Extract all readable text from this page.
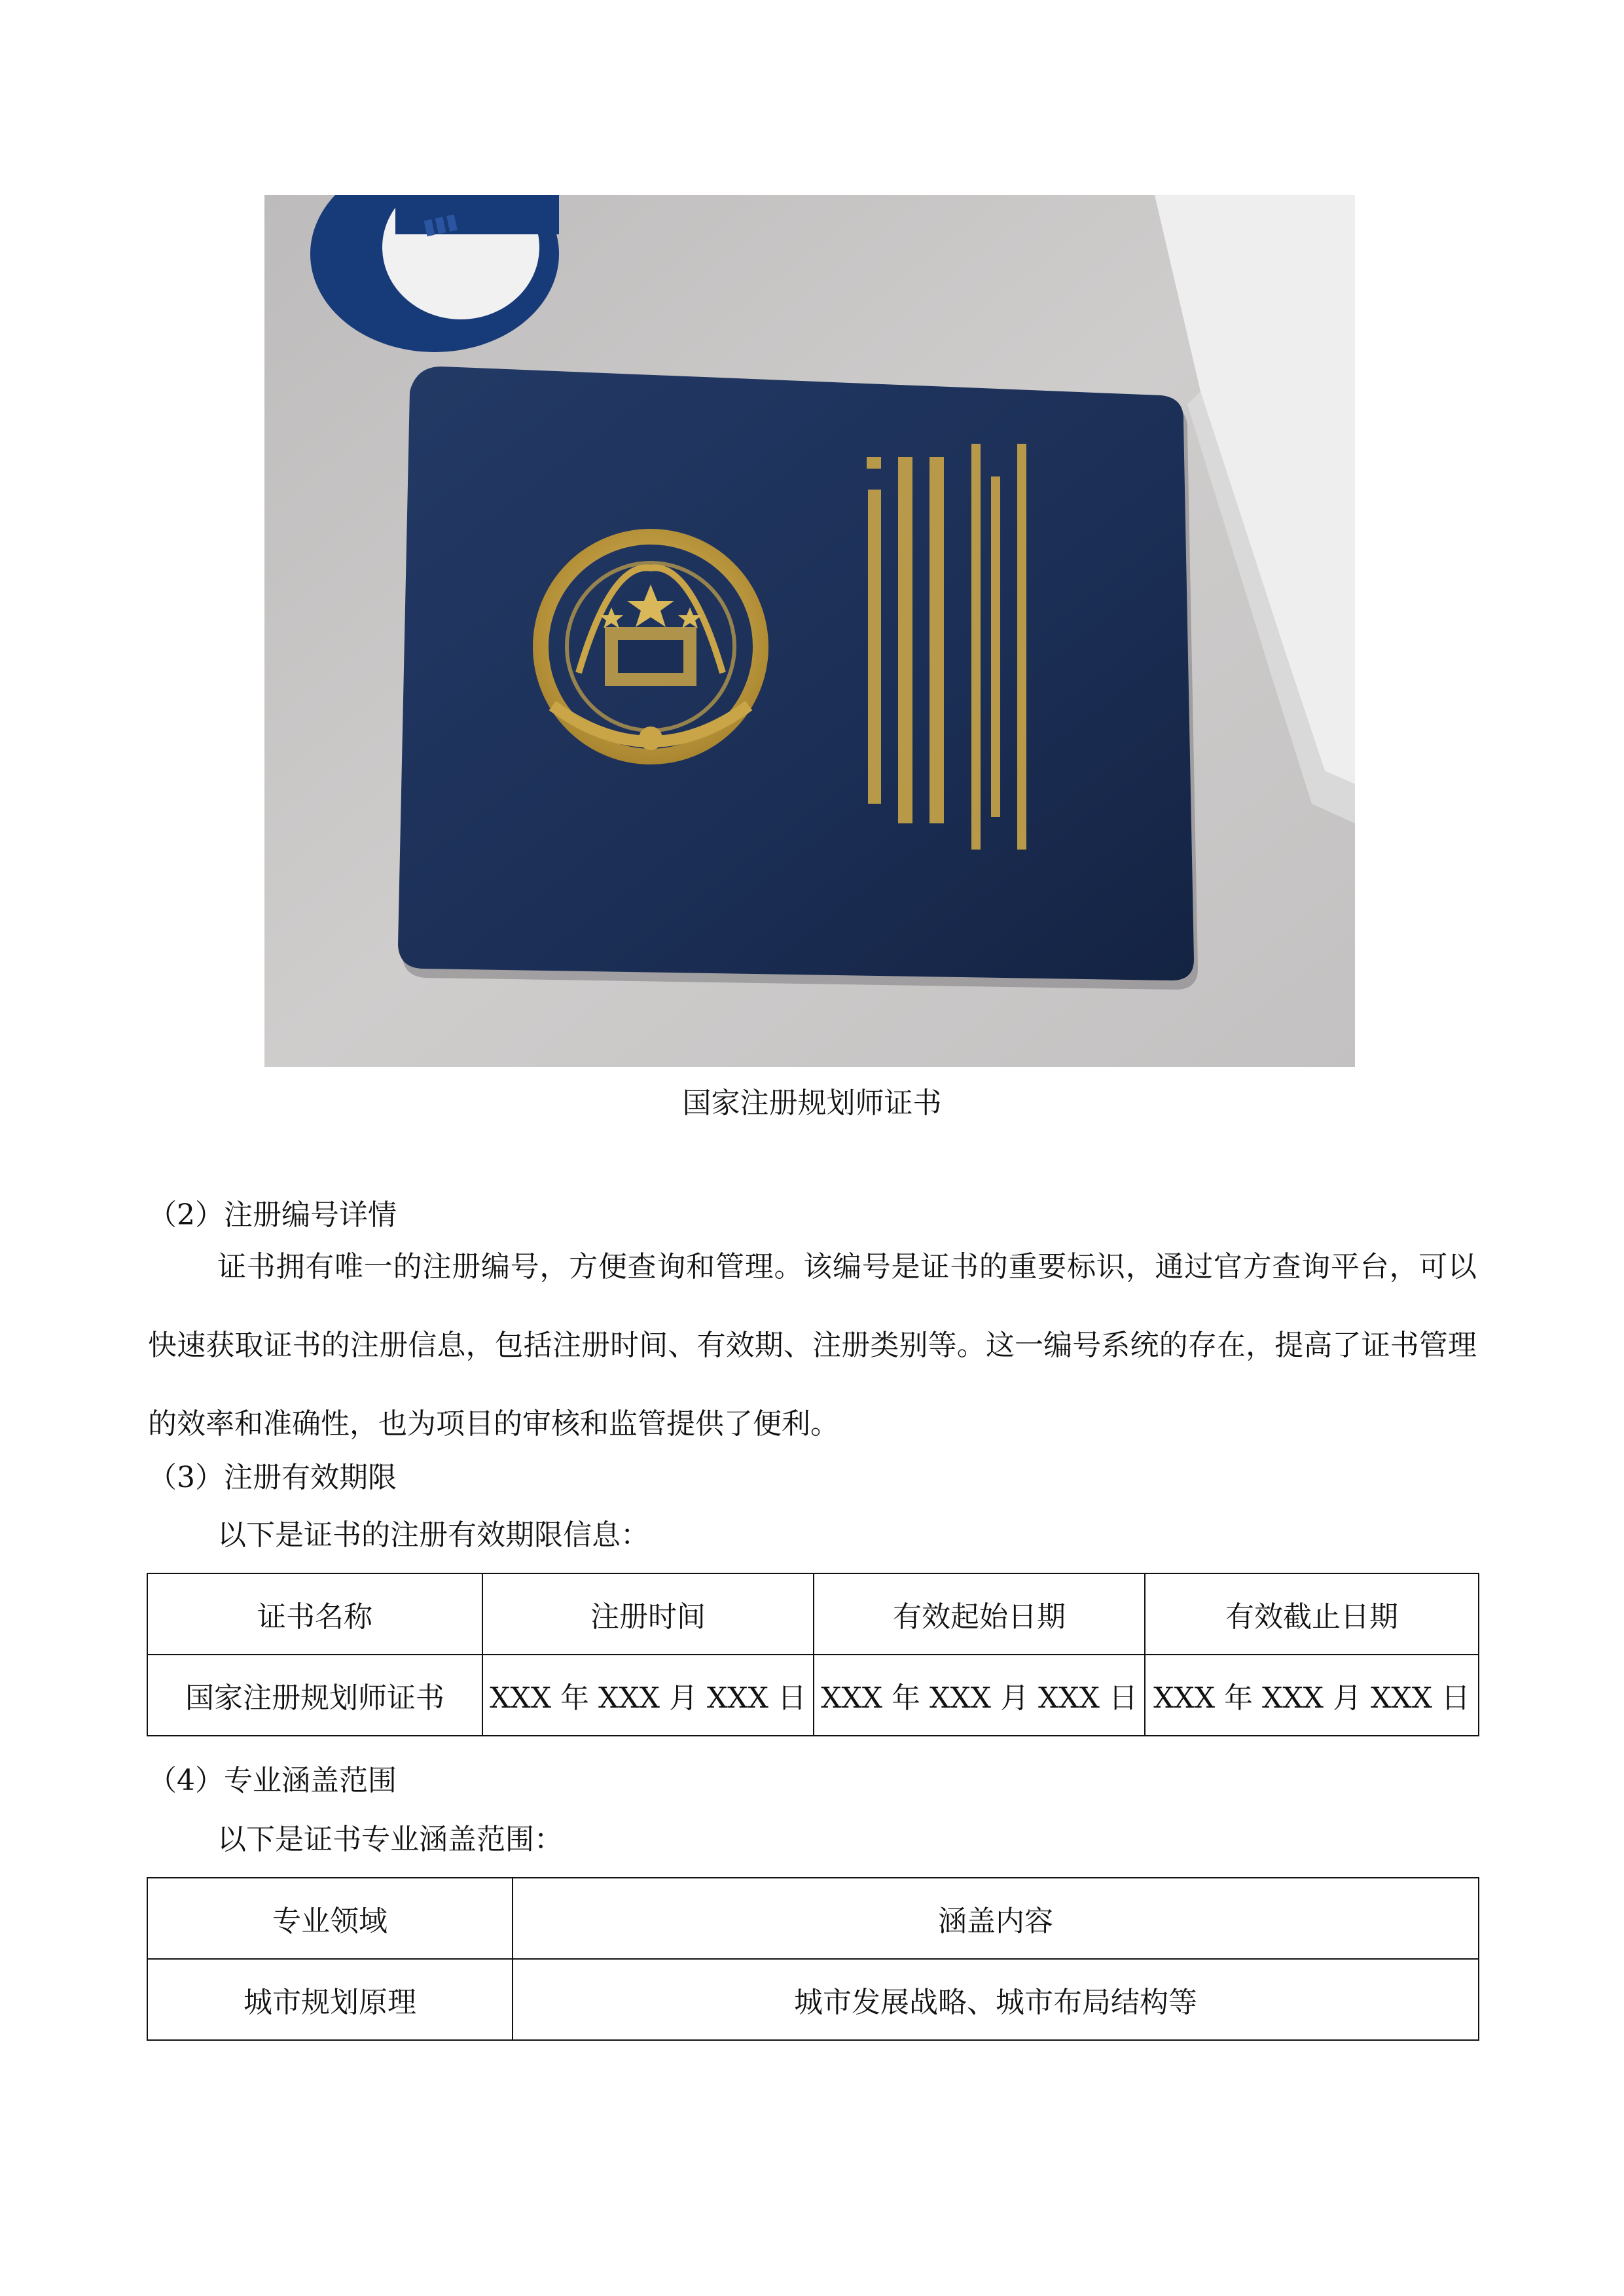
▮▮▮
国家注册规划师证书
（2）注册编号详情
证书拥有唯一的注册编号，方便查询和管理。该编号是证书的重要标识，通过官方查询平台，可以快速获取证书的注册信息，包括注册时间、有效期、注册类别等。这一编号系统的存在，提高了证书管理的效率和准确性，也为项目的审核和监管提供了便利。
（3）注册有效期限
以下是证书的注册有效期限信息：
证书名称	注册时间	有效起始日期	有效截止日期
国家注册规划师证书	XXX 年 XXX 月 XXX 日	XXX 年 XXX 月 XXX 日	XXX 年 XXX 月 XXX 日
（4）专业涵盖范围
以下是证书专业涵盖范围：
专业领域	涵盖内容
城市规划原理	城市发展战略、城市布局结构等
